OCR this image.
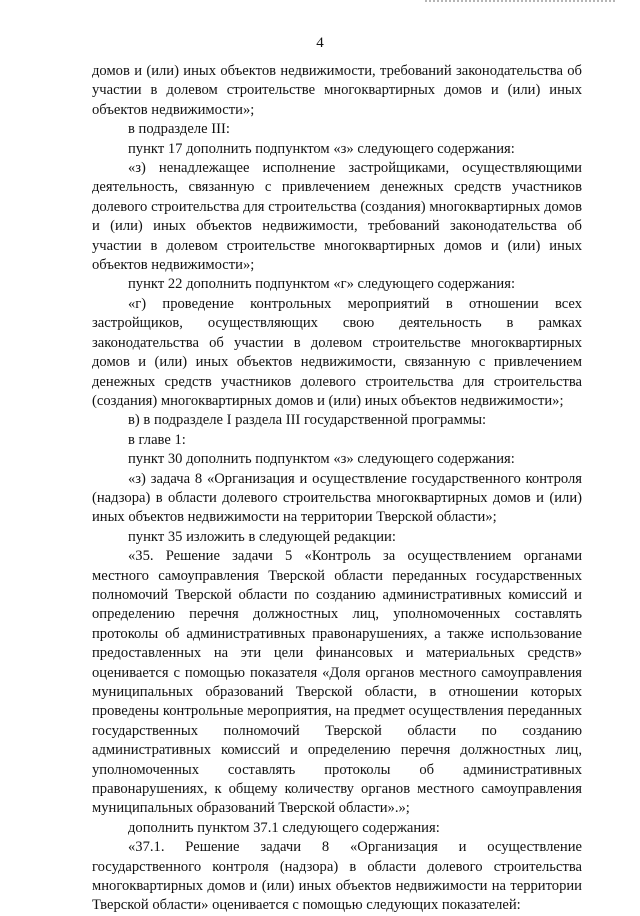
4

домов и (или) иных объектов недвижимости, требований законодательства об участии в долевом строительстве многоквартирных домов и (или) иных объектов недвижимости»;

в подразделе III:

пункт 17 дополнить подпунктом «з» следующего содержания:

«з) ненадлежащее исполнение застройщиками, осуществляющими деятельность, связанную с привлечением денежных средств участников долевого строительства для строительства (создания) многоквартирных домов и (или) иных объектов недвижимости, требований законодательства об участии в долевом строительстве многоквартирных домов и (или) иных объектов недвижимости»;

пункт 22 дополнить подпунктом «г» следующего содержания:

«г) проведение контрольных мероприятий в отношении всех застройщиков, осуществляющих свою деятельность в рамках законодательства об участии в долевом строительстве многоквартирных домов и (или) иных объектов недвижимости, связанную с привлечением денежных средств участников долевого строительства для строительства (создания) многоквартирных домов и (или) иных объектов недвижимости»;

в) в подразделе I раздела III государственной программы:

в главе 1:

пункт 30 дополнить подпунктом «з» следующего содержания:

«з) задача 8 «Организация и осуществление государственного контроля (надзора) в области долевого строительства многоквартирных домов и (или) иных объектов недвижимости на территории Тверской области»;

пункт 35 изложить в следующей редакции:

«35. Решение задачи 5 «Контроль за осуществлением органами местного самоуправления Тверской области переданных государственных полномочий Тверской области по созданию административных комиссий и определению перечня должностных лиц, уполномоченных составлять протоколы об административных правонарушениях, а также использование предоставленных на эти цели финансовых и материальных средств» оценивается с помощью показателя «Доля органов местного самоуправления муниципальных образований Тверской области, в отношении которых проведены контрольные мероприятия, на предмет осуществления переданных государственных полномочий Тверской области по созданию административных комиссий и определению перечня должностных лиц, уполномоченных составлять протоколы об административных правонарушениях, к общему количеству органов местного самоуправления муниципальных образований Тверской области».»;

дополнить пунктом 37.1 следующего содержания:

«37.1. Решение задачи 8 «Организация и осуществление государственного контроля (надзора) в области долевого строительства многоквартирных домов и (или) иных объектов недвижимости на территории Тверской области» оценивается с помощью следующих показателей:
